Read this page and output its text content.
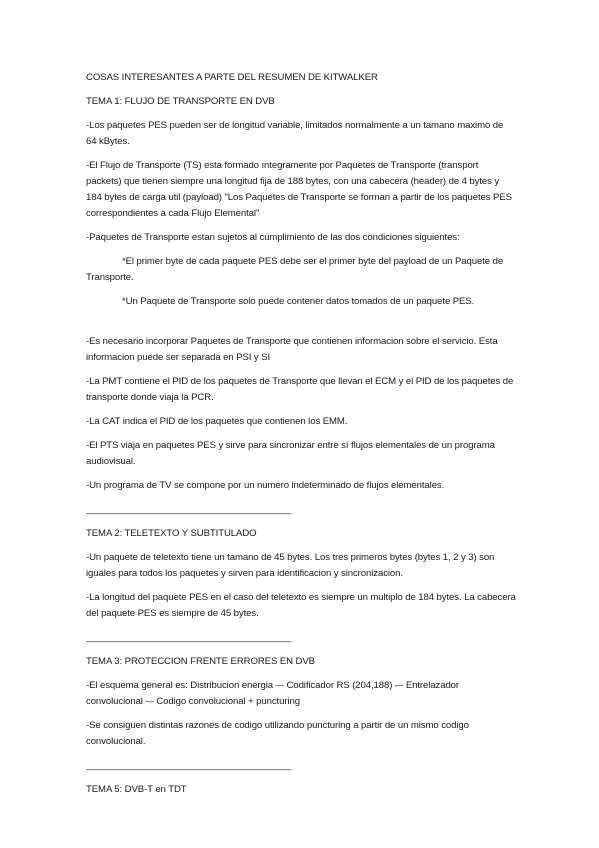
COSAS INTERESANTES A PARTE DEL RESUMEN DE KITWALKER

TEMA 1: FLUJO DE TRANSPORTE EN DVB

-Los paquetes PES pueden ser de longitud variable, limitados normalmente a un tamano maximo de 64 kBytes.

-El Flujo de Transporte (TS) esta formado ıntegramente por Paquetes de Transporte (transport packets) que tienen siempre una longitud fija de 188 bytes, con una cabecera (header) de 4 bytes y 184 bytes de carga util (payload) "Los Paquetes de Transporte se forman a partir de los paquetes PES correspondientes a cada Flujo Elemental"

-Paquetes de Transporte estan sujetos al cumplimiento de las dos condiciones siguientes:

*El primer byte de cada paquete PES debe ser el primer byte del payload de un Paquete de Transporte.

*Un Paquete de Transporte solo puede contener datos tomados de un paquete PES.

-Es necesario incorporar Paquetes de Transporte que contienen informacion sobre el servicio. Esta informacion puede ser separada en PSI y SI

-La PMT contiene el PID de los paquetes de Transporte que llevan el ECM y el PID de los paquetes de transporte donde viaja la PCR.

-La CAT indica el PID de los paquetes que contienen los EMM.

-El PTS viaja en paquetes PES y sirve para sincronizar entre sí flujos elementales de un programa audiovisual.

-Un programa de TV se compone por un numero indeterminado de flujos elementales.

________________________________________

TEMA 2: TELETEXTO Y SUBTITULADO

-Un paquete de teletexto tiene un tamano de 45 bytes. Los tres primeros bytes (bytes 1, 2 y 3) son iguales para todos los paquetes y sirven para identificacion y sincronizacion.

-La longitud del paquete PES en el caso del teletexto es siempre un multiplo de 184 bytes. La cabecera del paquete PES es siempre de 45 bytes.

________________________________________

TEMA 3: PROTECCION FRENTE ERRORES EN DVB

-El esquema general es: Distribucion energia –- Codificador RS (204,188) –- Entrelazador convolucional -– Codigo convolucional + puncturing

-Se consiguen distintas razones de codigo utilizando puncturing a partir de un mismo codigo convolucional.

________________________________________

TEMA 5: DVB-T en TDT
